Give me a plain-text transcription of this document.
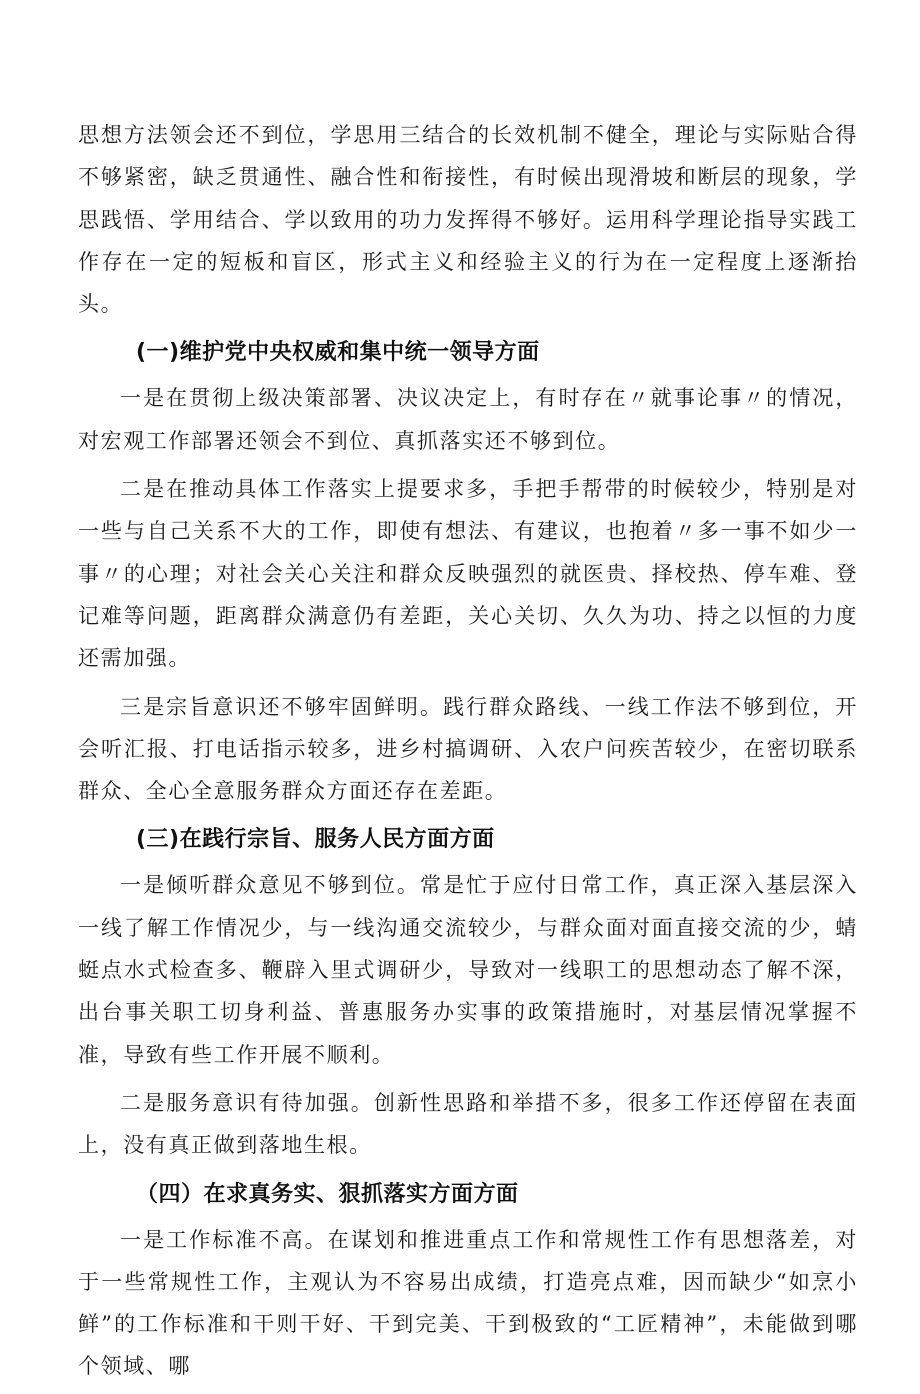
思想方法领会还不到位，学思用三结合的长效机制不健全，理论与实际贴合得不够紧密，缺乏贯通性、融合性和衔接性，有时候出现滑坡和断层的现象，学思践悟、学用结合、学以致用的功力发挥得不够好。运用科学理论指导实践工作存在一定的短板和盲区，形式主义和经验主义的行为在一定程度上逐渐抬头。

(一)维护党中央权威和集中统一领导方面

一是在贯彻上级决策部署、决议决定上，有时存在〃就事论事〃的情况，对宏观工作部署还领会不到位、真抓落实还不够到位。

二是在推动具体工作落实上提要求多，手把手帮带的时候较少，特别是对一些与自己关系不大的工作，即使有想法、有建议，也抱着〃多一事不如少一事〃的心理；对社会关心关注和群众反映强烈的就医贵、择校热、停车难、登记难等问题，距离群众满意仍有差距，关心关切、久久为功、持之以恒的力度还需加强。

三是宗旨意识还不够牢固鲜明。践行群众路线、一线工作法不够到位，开会听汇报、打电话指示较多，进乡村搞调研、入农户问疾苦较少，在密切联系群众、全心全意服务群众方面还存在差距。

(三)在践行宗旨、服务人民方面方面

一是倾听群众意见不够到位。常是忙于应付日常工作，真正深入基层深入一线了解工作情况少，与一线沟通交流较少，与群众面对面直接交流的少，蜻蜓点水式检查多、鞭辟入里式调研少，导致对一线职工的思想动态了解不深，出台事关职工切身利益、普惠服务办实事的政策措施时，对基层情况掌握不准，导致有些工作开展不顺利。

二是服务意识有待加强。创新性思路和举措不多，很多工作还停留在表面上，没有真正做到落地生根。

（四）在求真务实、狠抓落实方面方面

一是工作标准不高。在谋划和推进重点工作和常规性工作有思想落差，对于一些常规性工作，主观认为不容易出成绩，打造亮点难，因而缺少“如烹小鲜”的工作标准和干则干好、干到完美、干到极致的“工匠精神”，未能做到哪个领域、哪
